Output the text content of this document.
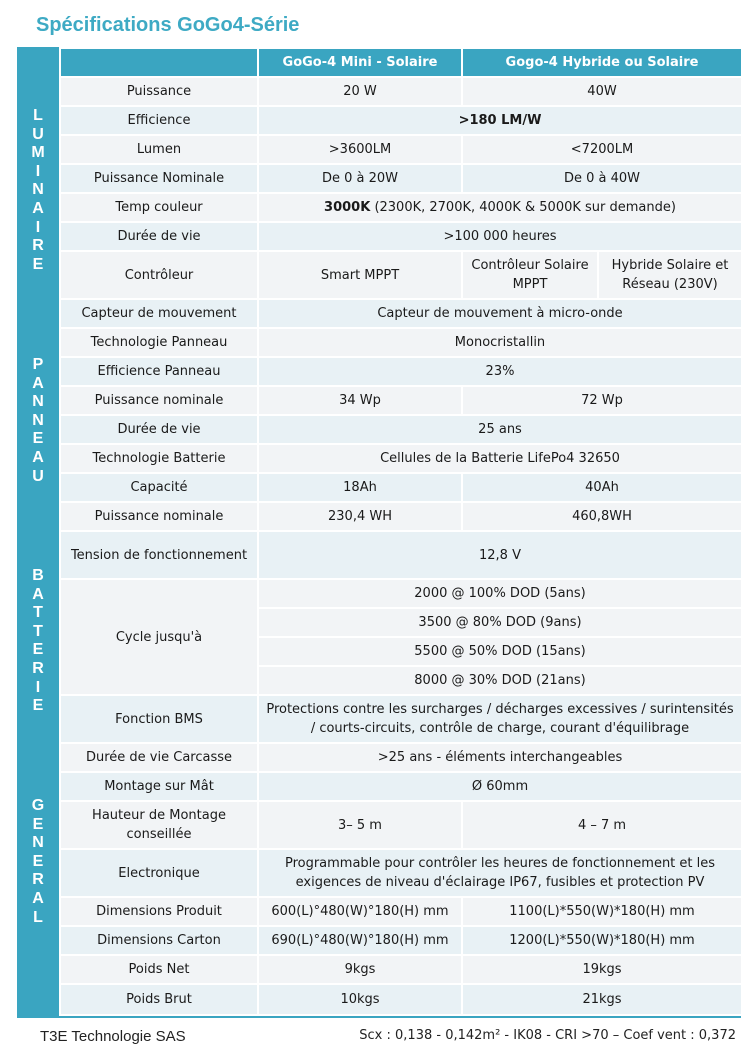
Spécifications GoGo4-Série
L
U
M
I
N
A
I
R
E
P
A
N
N
E
A
U
B
A
T
T
E
R
I
E
G
E
N
E
R
A
L
	GoGo-4 Mini - Solaire	Gogo-4 Hybride ou Solaire	
Puissance	20 W	40W	
Efficience	>180 LM/W		
Lumen	>3600LM	<7200LM	
Puissance Nominale	De 0 à 20W	De 0 à 40W	
Temp couleur	3000K (2300K, 2700K, 4000K & 5000K sur demande)		
Durée de vie	>100 000 heures		
Contrôleur	Smart MPPT	Contrôleur Solaire MPPT	Hybride Solaire et Réseau (230V)
Capteur de mouvement	Capteur de mouvement à micro-onde		
Technologie Panneau	Monocristallin		
Efficience Panneau	23%		
Puissance nominale	34 Wp	72 Wp	
Durée de vie	25 ans		
Technologie Batterie	Cellules de la Batterie LifePo4 32650		
Capacité	18Ah	40Ah	
Puissance nominale	230,4 WH	460,8WH	
Tension de fonctionnement	12,8 V		
Cycle jusqu'à	2000 @ 100% DOD (5ans)		
	3500 @ 80% DOD (9ans)		
	5500 @ 50% DOD (15ans)		
	8000 @ 30% DOD (21ans)		
Fonction BMS	Protections contre les surcharges / décharges excessives / surintensités / courts-circuits, contrôle de charge, courant d'équilibrage		
Durée de vie Carcasse	>25 ans - éléments interchangeables		
Montage sur Mât	Ø 60mm		
Hauteur de Montage conseillée	3– 5 m	4 – 7 m	
Electronique	Programmable pour contrôler les heures de fonctionnement et les exigences de niveau d'éclairage IP67, fusibles et protection PV		
Dimensions Produit	600(L)°480(W)°180(H) mm	1100(L)*550(W)*180(H) mm	
Dimensions Carton	690(L)°480(W)°180(H) mm	1200(L)*550(W)*180(H) mm	
Poids Net	9kgs	19kgs	
Poids Brut	10kgs	21kgs	
T3E Technologie SAS	Scx : 0,138 - 0,142m² - IK08 - CRI >70 – Coef vent : 0,372
